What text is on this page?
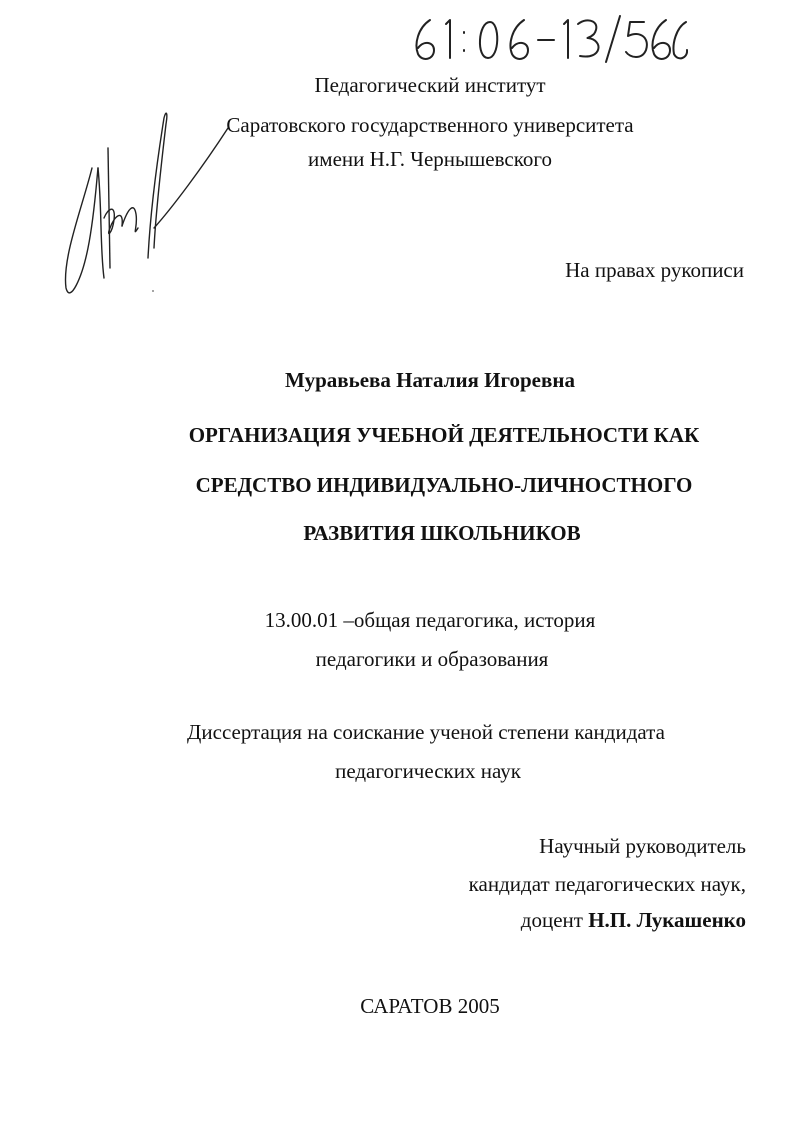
Педагогический институт
Саратовского государственного университета
имени Н.Г. Чернышевского
На правах рукописи
Муравьева Наталия Игоревна
ОРГАНИЗАЦИЯ УЧЕБНОЙ ДЕЯТЕЛЬНОСТИ КАК
СРЕДСТВО ИНДИВИДУАЛЬНО-ЛИЧНОСТНОГО
РАЗВИТИЯ ШКОЛЬНИКОВ
13.00.01 –общая педагогика, история
педагогики и образования
Диссертация на соискание ученой степени кандидата
педагогических наук
Научный руководитель
кандидат педагогических наук,
доцент Н.П. Лукашенко
САРАТОВ 2005
